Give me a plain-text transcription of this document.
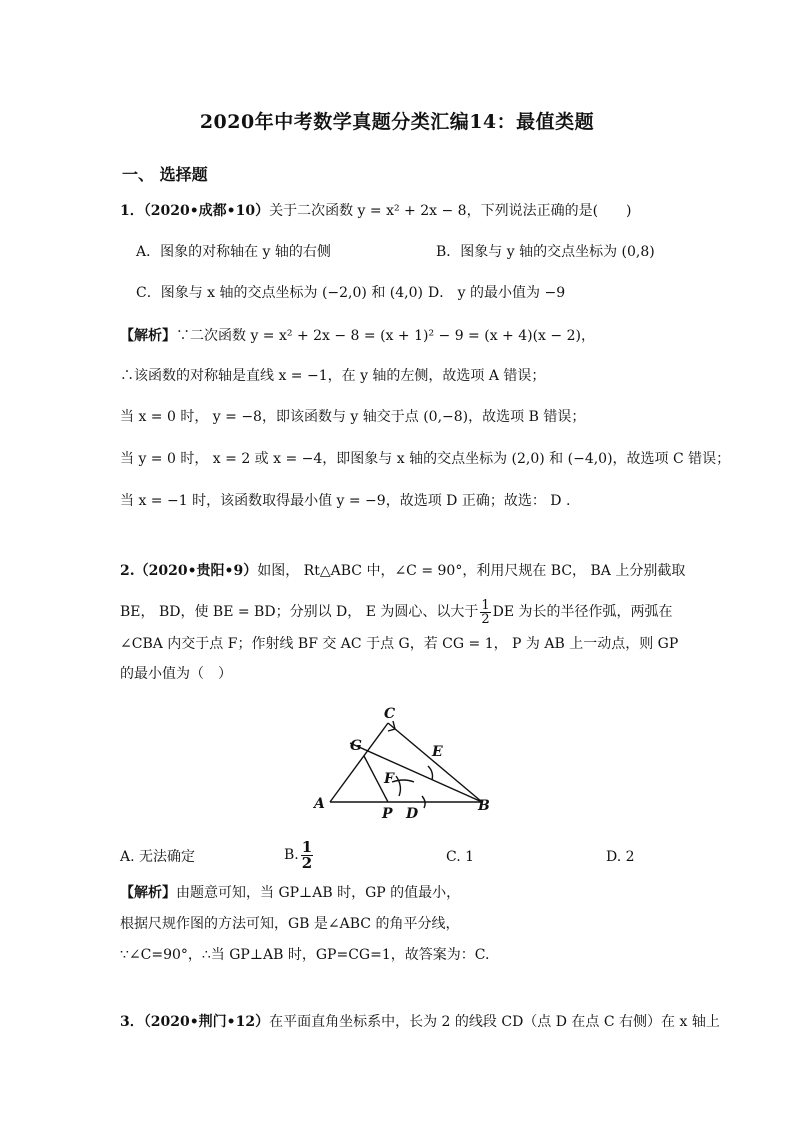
2020年中考数学真题分类汇编14：最值类题
一、 选择题
1．（2020•成都•10）关于二次函数 y = x² + 2x − 8，下列说法正确的是(　　)
A．图象的对称轴在 y 轴的右侧	B．图象与 y 轴的交点坐标为 (0,8)
C．图象与 x 轴的交点坐标为 (−2,0) 和 (4,0) D． y 的最小值为 −9
【解析】∵二次函数 y = x² + 2x − 8 = (x + 1)² − 9 = (x + 4)(x − 2)，
∴该函数的对称轴是直线 x = −1，在 y 轴的左侧，故选项 A 错误；
当 x = 0 时， y = −8，即该函数与 y 轴交于点 (0,−8)，故选项 B 错误；
当 y = 0 时， x = 2 或 x = −4，即图象与 x 轴的交点坐标为 (2,0) 和 (−4,0)，故选项 C 错误；
当 x = −1 时，该函数取得最小值 y = −9，故选项 D 正确；故选： D .
2.（2020•贵阳•9）如图， Rt△ABC 中，∠C = 90°，利用尺规在 BC， BA 上分别截取
BE， BD，使 BE = BD；分别以 D， E 为圆心、以大于 $\frac{1}{2}$ DE 为长的半径作弧，两弧在
∠CBA 内交于点 F；作射线 BF 交 AC 于点 G，若 CG = 1， P 为 AB 上一动点，则 GP
的最小值为（　）
C
G	E
F
A
P D	B
A. 无法确定	B. $\frac{1}{2}$	C. 1	D. 2
【解析】由题意可知，当 GP⊥AB 时，GP 的值最小，
根据尺规作图的方法可知，GB 是∠ABC 的角平分线，
∵∠C=90°，∴当 GP⊥AB 时，GP=CG=1，故答案为：C.
3．（2020•荆门•12）在平面直角坐标系中，长为 2 的线段 CD（点 D 在点 C 右侧）在 x 轴上
